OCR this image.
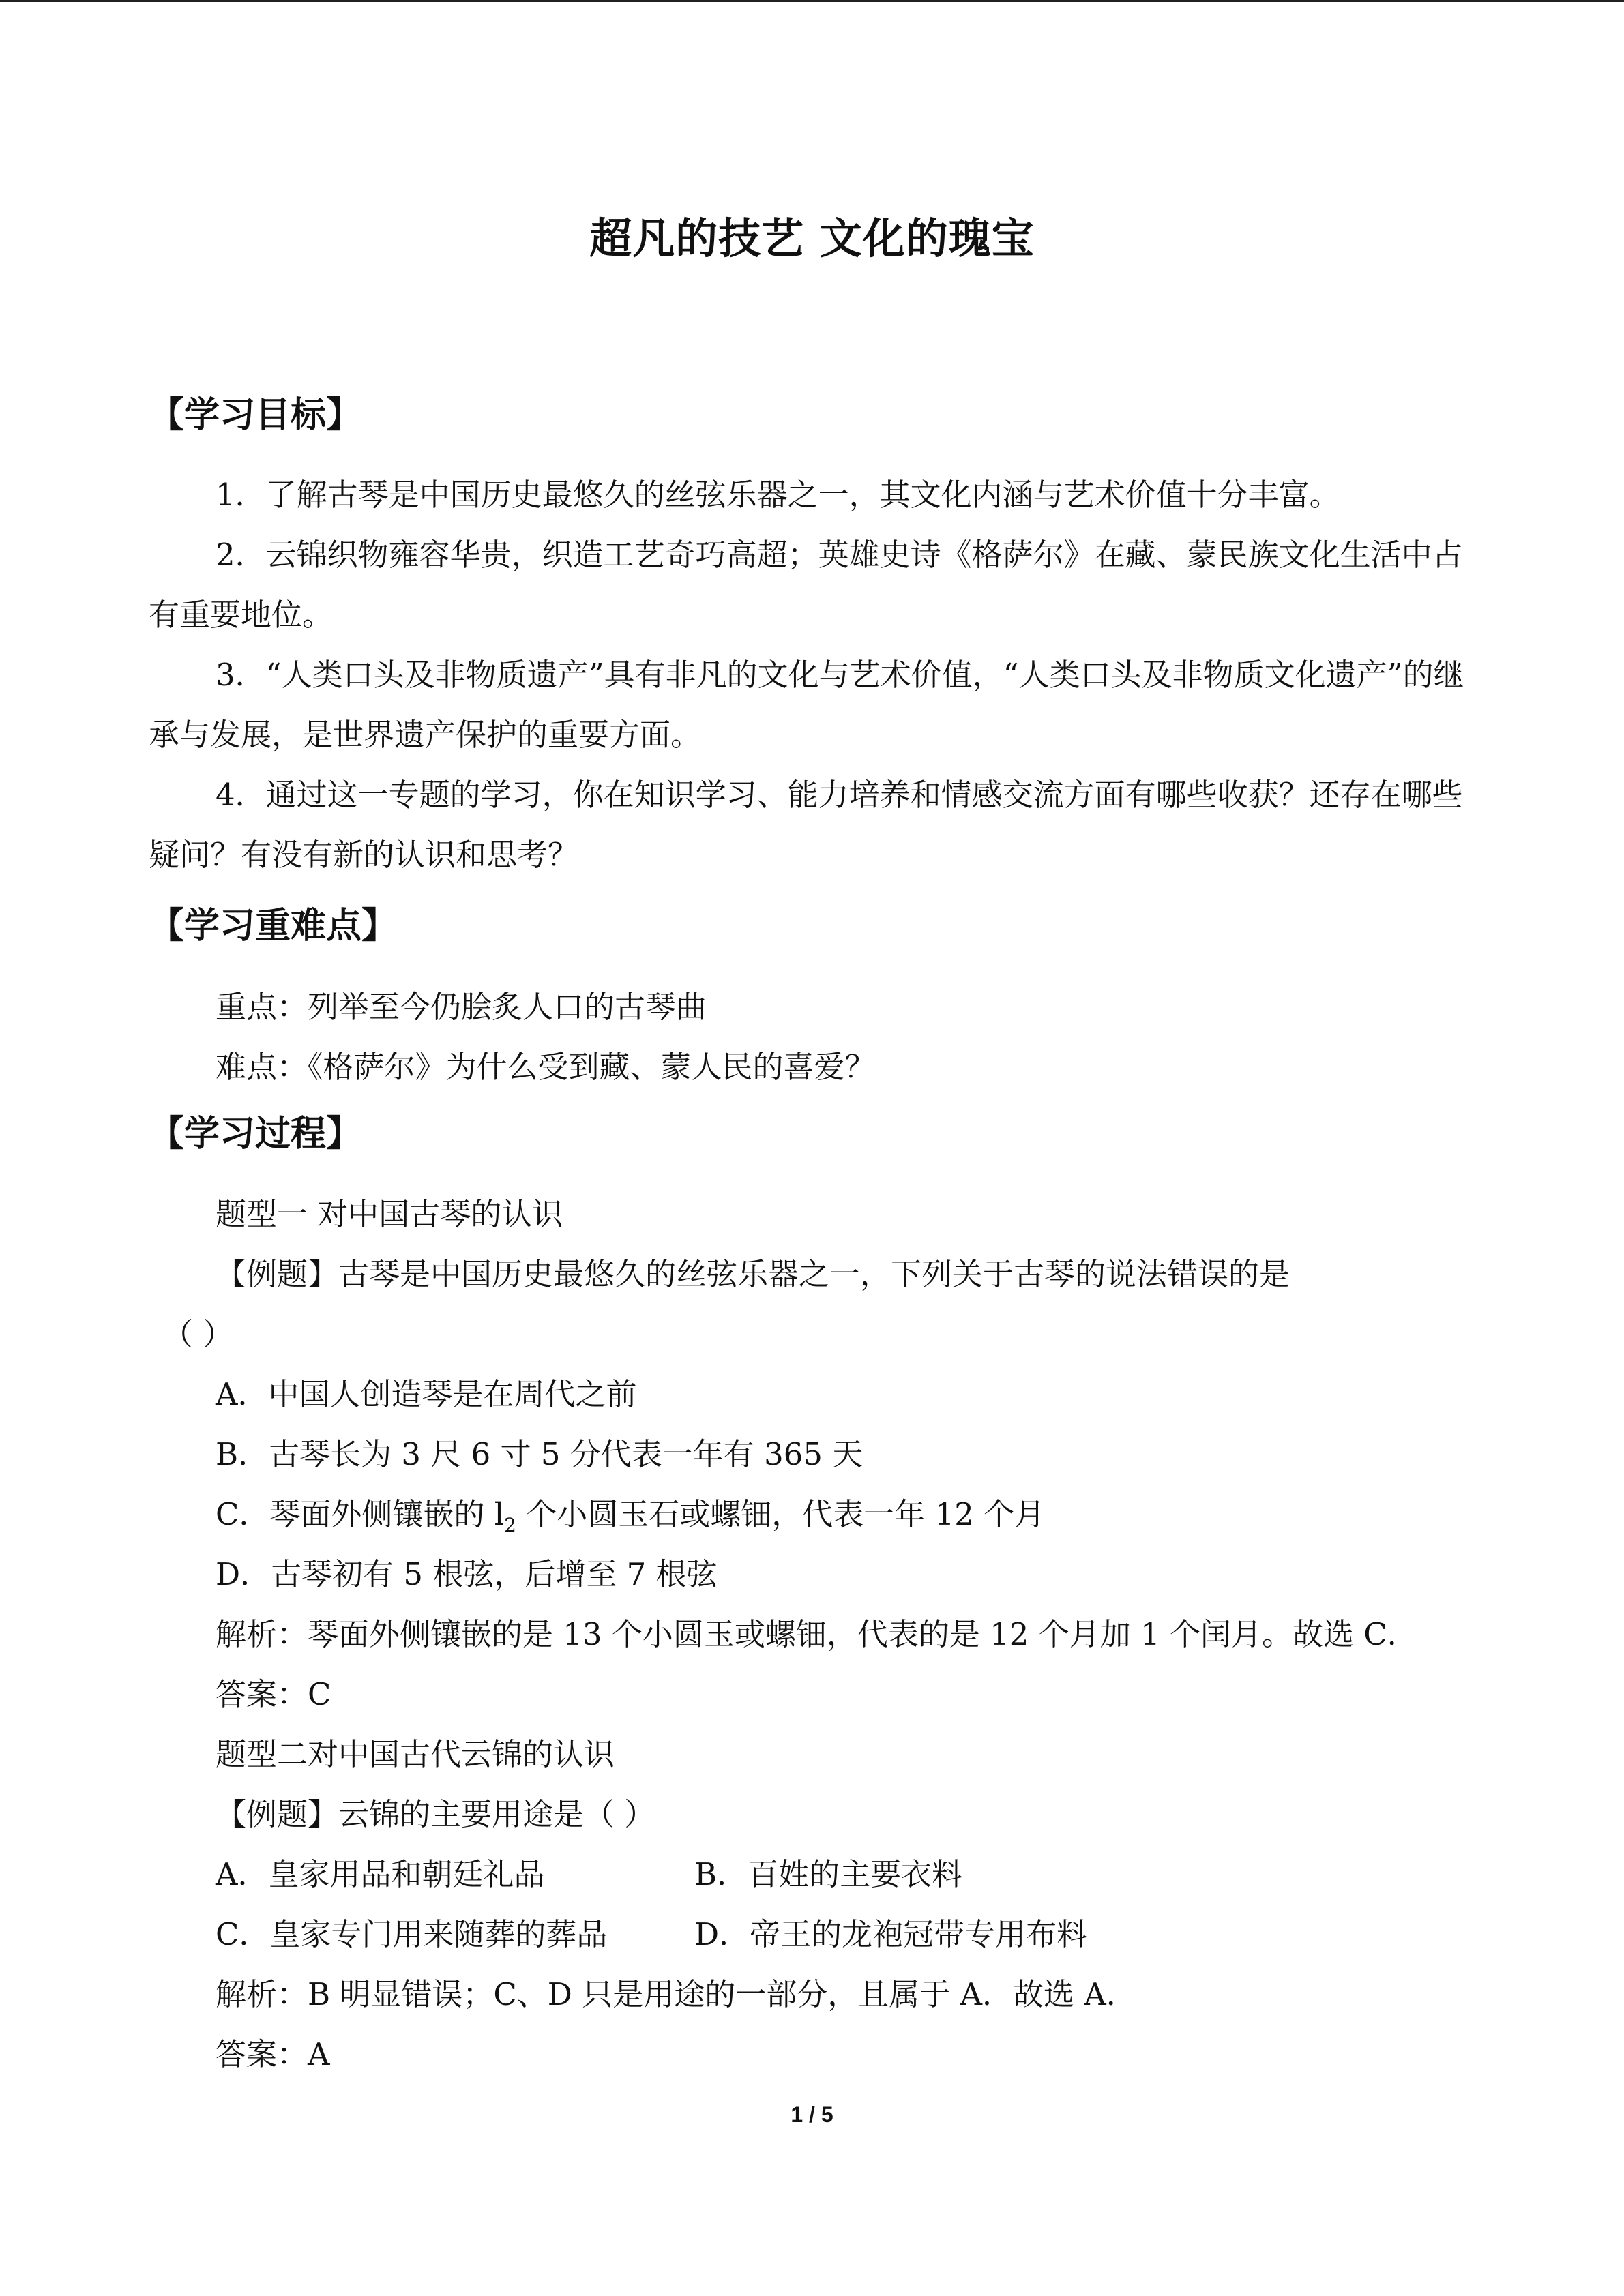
超凡的技艺 文化的瑰宝
【学习目标】
1．了解古琴是中国历史最悠久的丝弦乐器之一，其文化内涵与艺术价值十分丰富。
2．云锦织物雍容华贵，织造工艺奇巧高超；英雄史诗《格萨尔》在藏、蒙民族文化生活中占有重要地位。
3．“人类口头及非物质遗产”具有非凡的文化与艺术价值，“人类口头及非物质文化遗产”的继承与发展，是世界遗产保护的重要方面。
4．通过这一专题的学习，你在知识学习、能力培养和情感交流方面有哪些收获？还存在哪些疑问？有没有新的认识和思考？
【学习重难点】
重点：列举至今仍脍炙人口的古琴曲
难点：《格萨尔》为什么受到藏、蒙人民的喜爱？
【学习过程】
题型一 对中国古琴的认识
【例题】古琴是中国历史最悠久的丝弦乐器之一，下列关于古琴的说法错误的是
（ ）
A．中国人创造琴是在周代之前
B．古琴长为 3 尺 6 寸 5 分代表一年有 365 天
C．琴面外侧镶嵌的 $l_2$ 个小圆玉石或螺钿，代表一年 12 个月
D．古琴初有 5 根弦，后增至 7 根弦
解析：琴面外侧镶嵌的是 13 个小圆玉或螺钿，代表的是 12 个月加 1 个闰月。故选 C．
答案：C
题型二对中国古代云锦的认识
【例题】云锦的主要用途是（ ）
A．皇家用品和朝廷礼品	B．百姓的主要衣料
C．皇家专门用来随葬的葬品	D．帝王的龙袍冠带专用布料
解析：B 明显错误；C、D 只是用途的一部分，且属于 A．故选 A．
答案：A
1 / 5
